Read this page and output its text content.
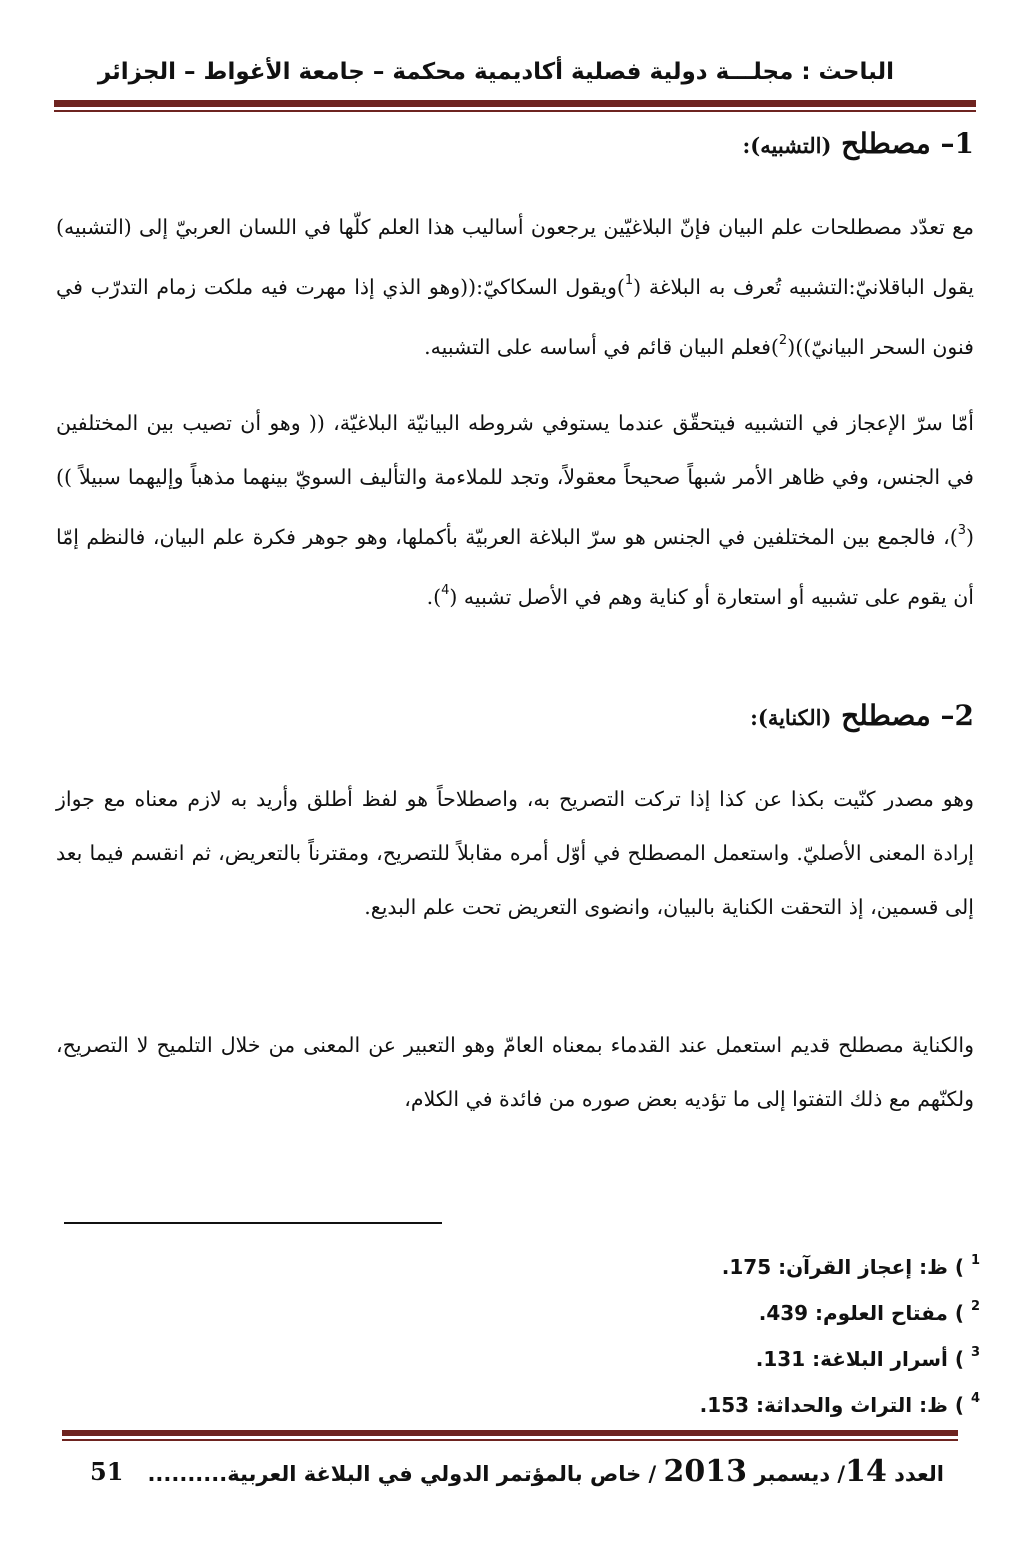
الباحث : مجلـــة دولية فصلية أكاديمية محكمة – جامعة الأغواط – الجزائر
1– مصطلح (التشبيه):

مع تعدّد مصطلحات علم البيان فإنّ البلاغيّين يرجعون أساليب هذا العلم كلّها في اللسان العربيّ إلى (التشبيه) يقول الباقلانيّ:التشبيه تُعرف به البلاغة ($^1$)ويقول السكاكيّ:((وهو الذي إذا مهرت فيه ملكت زمام التدرّب في فنون السحر البيانيّ))($^2$)فعلم البيان قائم في أساسه على التشبيه.

أمّا سرّ الإعجاز في التشبيه فيتحقّق عندما يستوفي شروطه البيانيّة البلاغيّة، (( وهو أن تصيب بين المختلفين في الجنس، وفي ظاهر الأمر شبهاً صحيحاً معقولاً، وتجد للملاءمة والتأليف السويّ بينهما مذهباً وإليهما سبيلاً ))($^3$)، فالجمع بين المختلفين في الجنس هو سرّ البلاغة العربيّة بأكملها، وهو جوهر فكرة علم البيان، فالنظم إمّا أن يقوم على تشبيه أو استعارة أو كناية وهم في الأصل تشبيه ($^4$).

2– مصطلح (الكناية):

وهو مصدر كنّيت بكذا عن كذا إذا تركت التصريح به، واصطلاحاً هو لفظ أطلق وأريد به لازم معناه مع جواز إرادة المعنى الأصليّ. واستعمل المصطلح في أوّل أمره مقابلاً للتصريح، ومقترناً بالتعريض، ثم انقسم فيما بعد إلى قسمين، إذ التحقت الكناية بالبيان، وانضوى التعريض تحت علم البديع.

والكناية مصطلح قديم استعمل عند القدماء بمعناه العامّ وهو التعبير عن المعنى من خلال التلميح لا التصريح، ولكنّهم مع ذلك التفتوا إلى ما تؤديه بعض صوره من فائدة في الكلام،

$^1$ ) ظ: إعجاز القرآن: 175.
$^2$ ) مفتاح العلوم: 439.
$^3$ ) أسرار البلاغة: 131.
$^4$ ) ظ: التراث والحداثة: 153.
العدد 14/ ديسمبر 2013 / خاص بالمؤتمر الدولي في البلاغة العربية..........
51
